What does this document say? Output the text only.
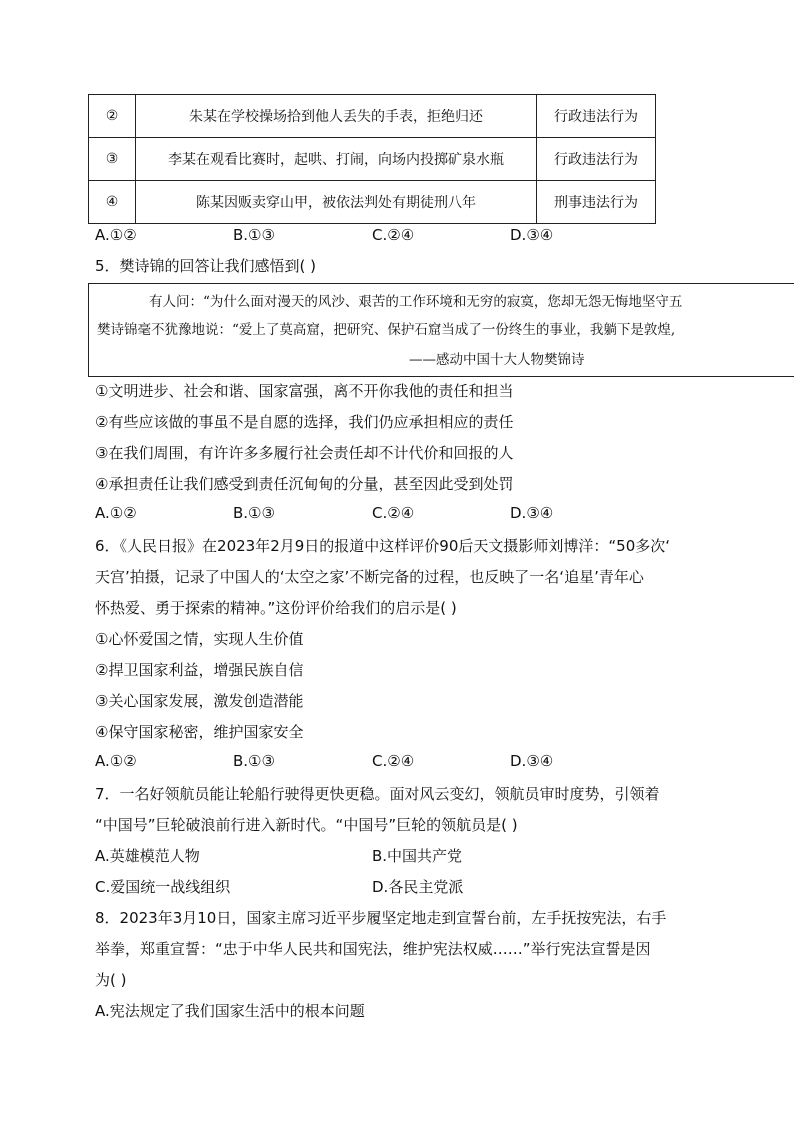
②	朱某在学校操场拾到他人丢失的手表，拒绝归还	行政违法行为
③	李某在观看比赛时，起哄、打闹，向场内投掷矿泉水瓶	行政违法行为
④	陈某因贩卖穿山甲，被依法判处有期徒刑八年	刑事违法行为
A.①②	B.①③	C.②④	D.③④
5．樊诗锦的回答让我们感悟到( )
有人问：“为什么面对漫天的风沙、艰苦的工作环境和无穷的寂寞，您却无怨无悔地坚守五
樊诗锦毫不犹豫地说：“爱上了莫高窟，把研究、保护石窟当成了一份终生的事业，我躺下是敦煌,
——感动中国十大人物樊锦诗
①文明进步、社会和谐、国家富强，离不开你我他的责任和担当
②有些应该做的事虽不是自愿的选择，我们仍应承担相应的责任
③在我们周围，有许许多多履行社会责任却不计代价和回报的人
④承担责任让我们感受到责任沉甸甸的分量，甚至因此受到处罚
A.①②	B.①③	C.②④	D.③④
6．《人民日报》在2023年2月9日的报道中这样评价90后天文摄影师刘博洋：“50多次‘
天宫’拍摄，记录了中国人的‘太空之家’不断完备的过程，也反映了一名‘追星’青年心
怀热爱、勇于探索的精神。”这份评价给我们的启示是( )
①心怀爱国之情，实现人生价值
②捍卫国家利益，增强民族自信
③关心国家发展，激发创造潜能
④保守国家秘密，维护国家安全
A.①②	B.①③	C.②④	D.③④
7．一名好领航员能让轮船行驶得更快更稳。面对风云变幻，领航员审时度势，引领着
“中国号”巨轮破浪前行进入新时代。“中国号”巨轮的领航员是( )
A.英雄模范人物	B.中国共产党
C.爱国统一战线组织	D.各民主党派
8．2023年3月10日，国家主席习近平步履坚定地走到宣誓台前，左手抚按宪法，右手
举拳，郑重宣誓：“忠于中华人民共和国宪法，维护宪法权威……”举行宪法宣誓是因
为( )
A.宪法规定了我们国家生活中的根本问题
